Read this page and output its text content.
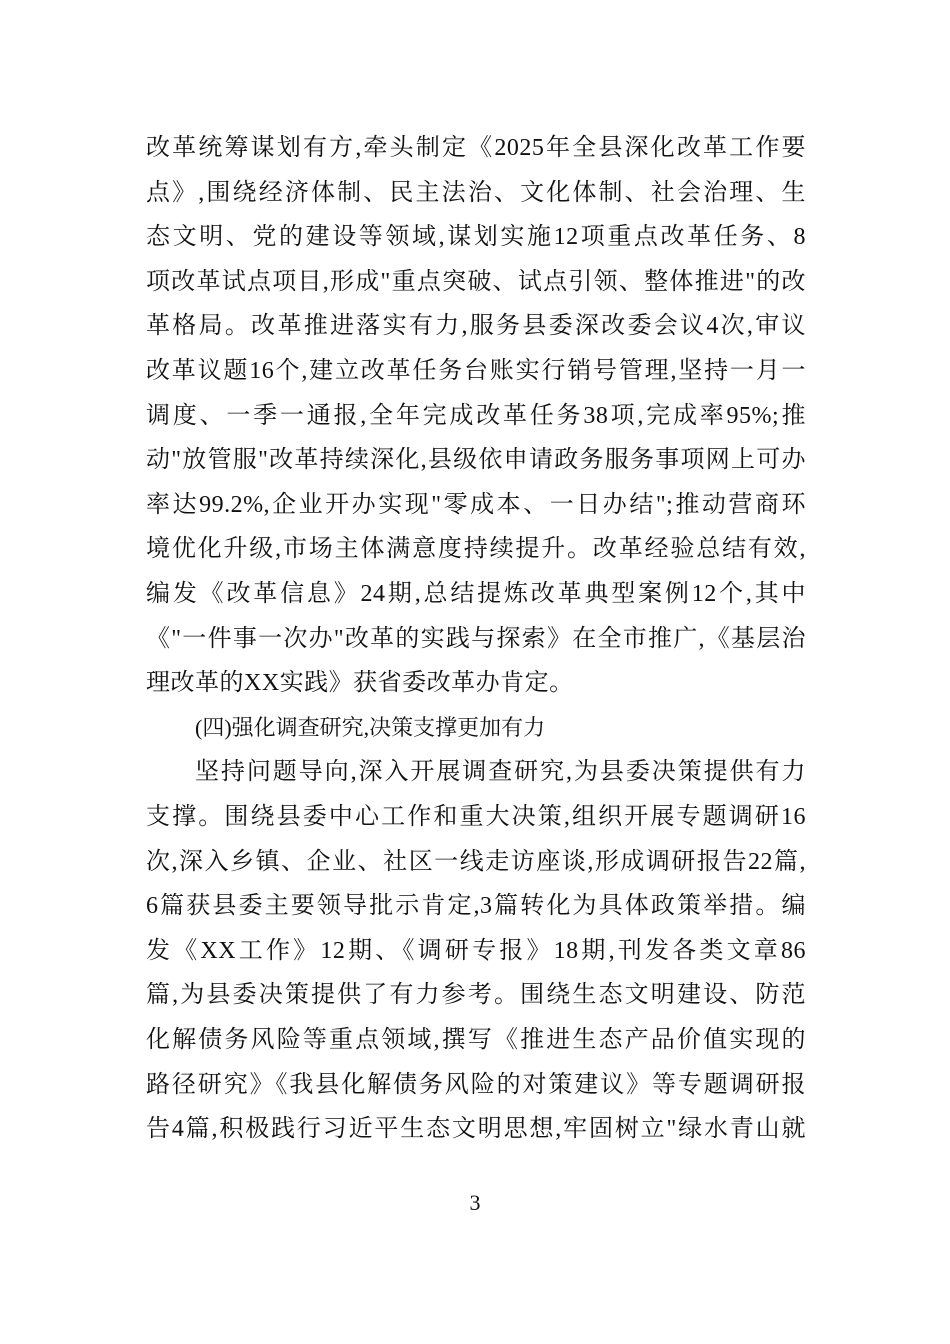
改革统筹谋划有方,牵头制定《2025年全县深化改革工作要
点》,围绕经济体制、民主法治、文化体制、社会治理、生
态文明、党的建设等领域,谋划实施12项重点改革任务、8
项改革试点项目,形成"重点突破、试点引领、整体推进"的改
革格局。改革推进落实有力,服务县委深改委会议4次,审议
改革议题16个,建立改革任务台账实行销号管理,坚持一月一
调度、一季一通报,全年完成改革任务38项,完成率95%;推
动"放管服"改革持续深化,县级依申请政务服务事项网上可办
率达99.2%,企业开办实现"零成本、一日办结";推动营商环
境优化升级,市场主体满意度持续提升。改革经验总结有效,
编发《改革信息》24期,总结提炼改革典型案例12个,其中
《"一件事一次办"改革的实践与探索》在全市推广,《基层治
理改革的XX实践》获省委改革办肯定。
(四)强化调查研究,决策支撑更加有力
坚持问题导向,深入开展调查研究,为县委决策提供有力
支撑。围绕县委中心工作和重大决策,组织开展专题调研16
次,深入乡镇、企业、社区一线走访座谈,形成调研报告22篇,
6篇获县委主要领导批示肯定,3篇转化为具体政策举措。编
发《XX工作》12期、《调研专报》18期,刊发各类文章86
篇,为县委决策提供了有力参考。围绕生态文明建设、防范
化解债务风险等重点领域,撰写《推进生态产品价值实现的
路径研究》《我县化解债务风险的对策建议》等专题调研报
告4篇,积极践行习近平生态文明思想,牢固树立"绿水青山就
3
